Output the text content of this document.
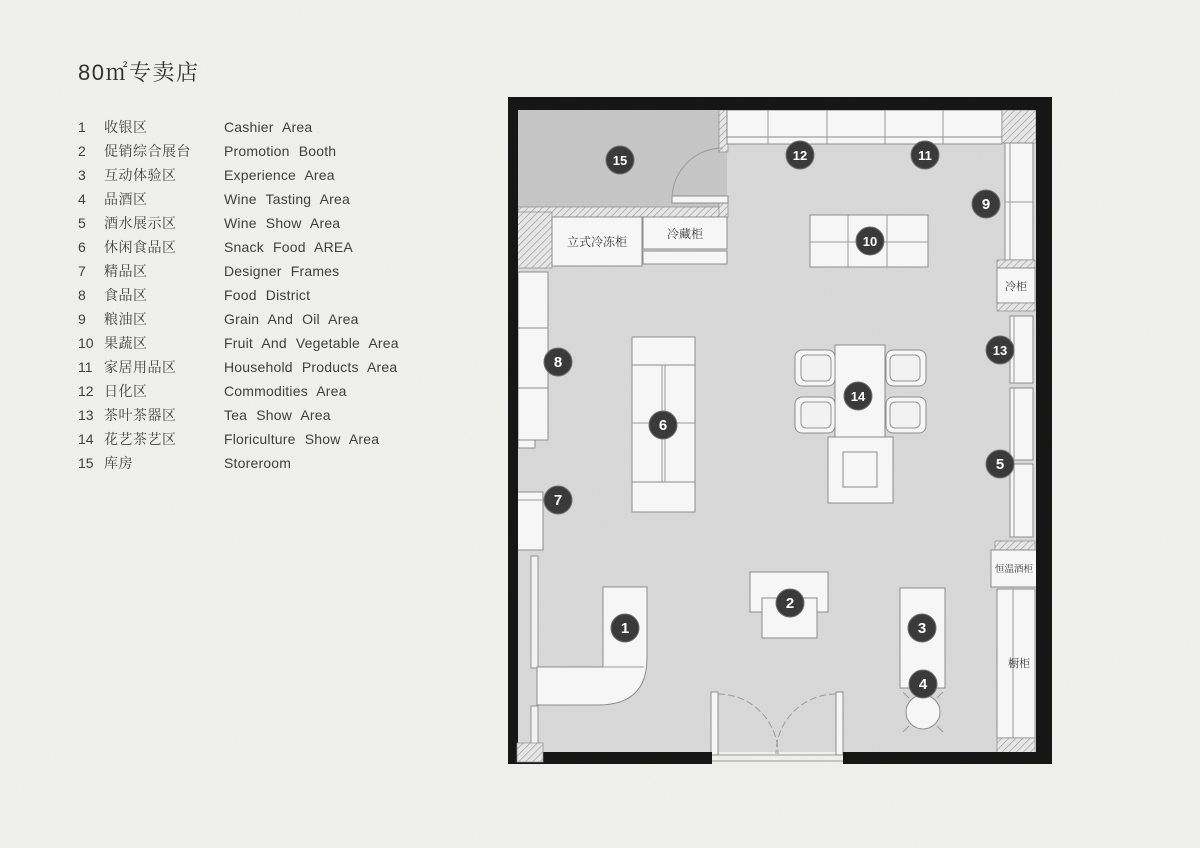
80㎡专卖店
1	收银区	Cashier Area
2	促销综合展台	Promotion Booth
3	互动体验区	Experience Area
4	品酒区	Wine Tasting Area
5	酒水展示区	Wine Show Area
6	休闲食品区	Snack Food AREA
7	精品区	Designer Frames
8	食品区	Food District
9	粮油区	Grain And Oil Area
10 果蔬区	Fruit And Vegetable Area
11 家居用品区	Household Products Area
12 日化区	Commodities Area
13 茶叶茶器区	Tea Show Area
14 花艺茶艺区	Floriculture Show Area
15 库房	Storeroom
冷柜
恒温酒柜
橱柜
立式冷冻柜
冷藏柜
1
2
3
4
5
6
7
8
9
10
11
12
13
14
15
